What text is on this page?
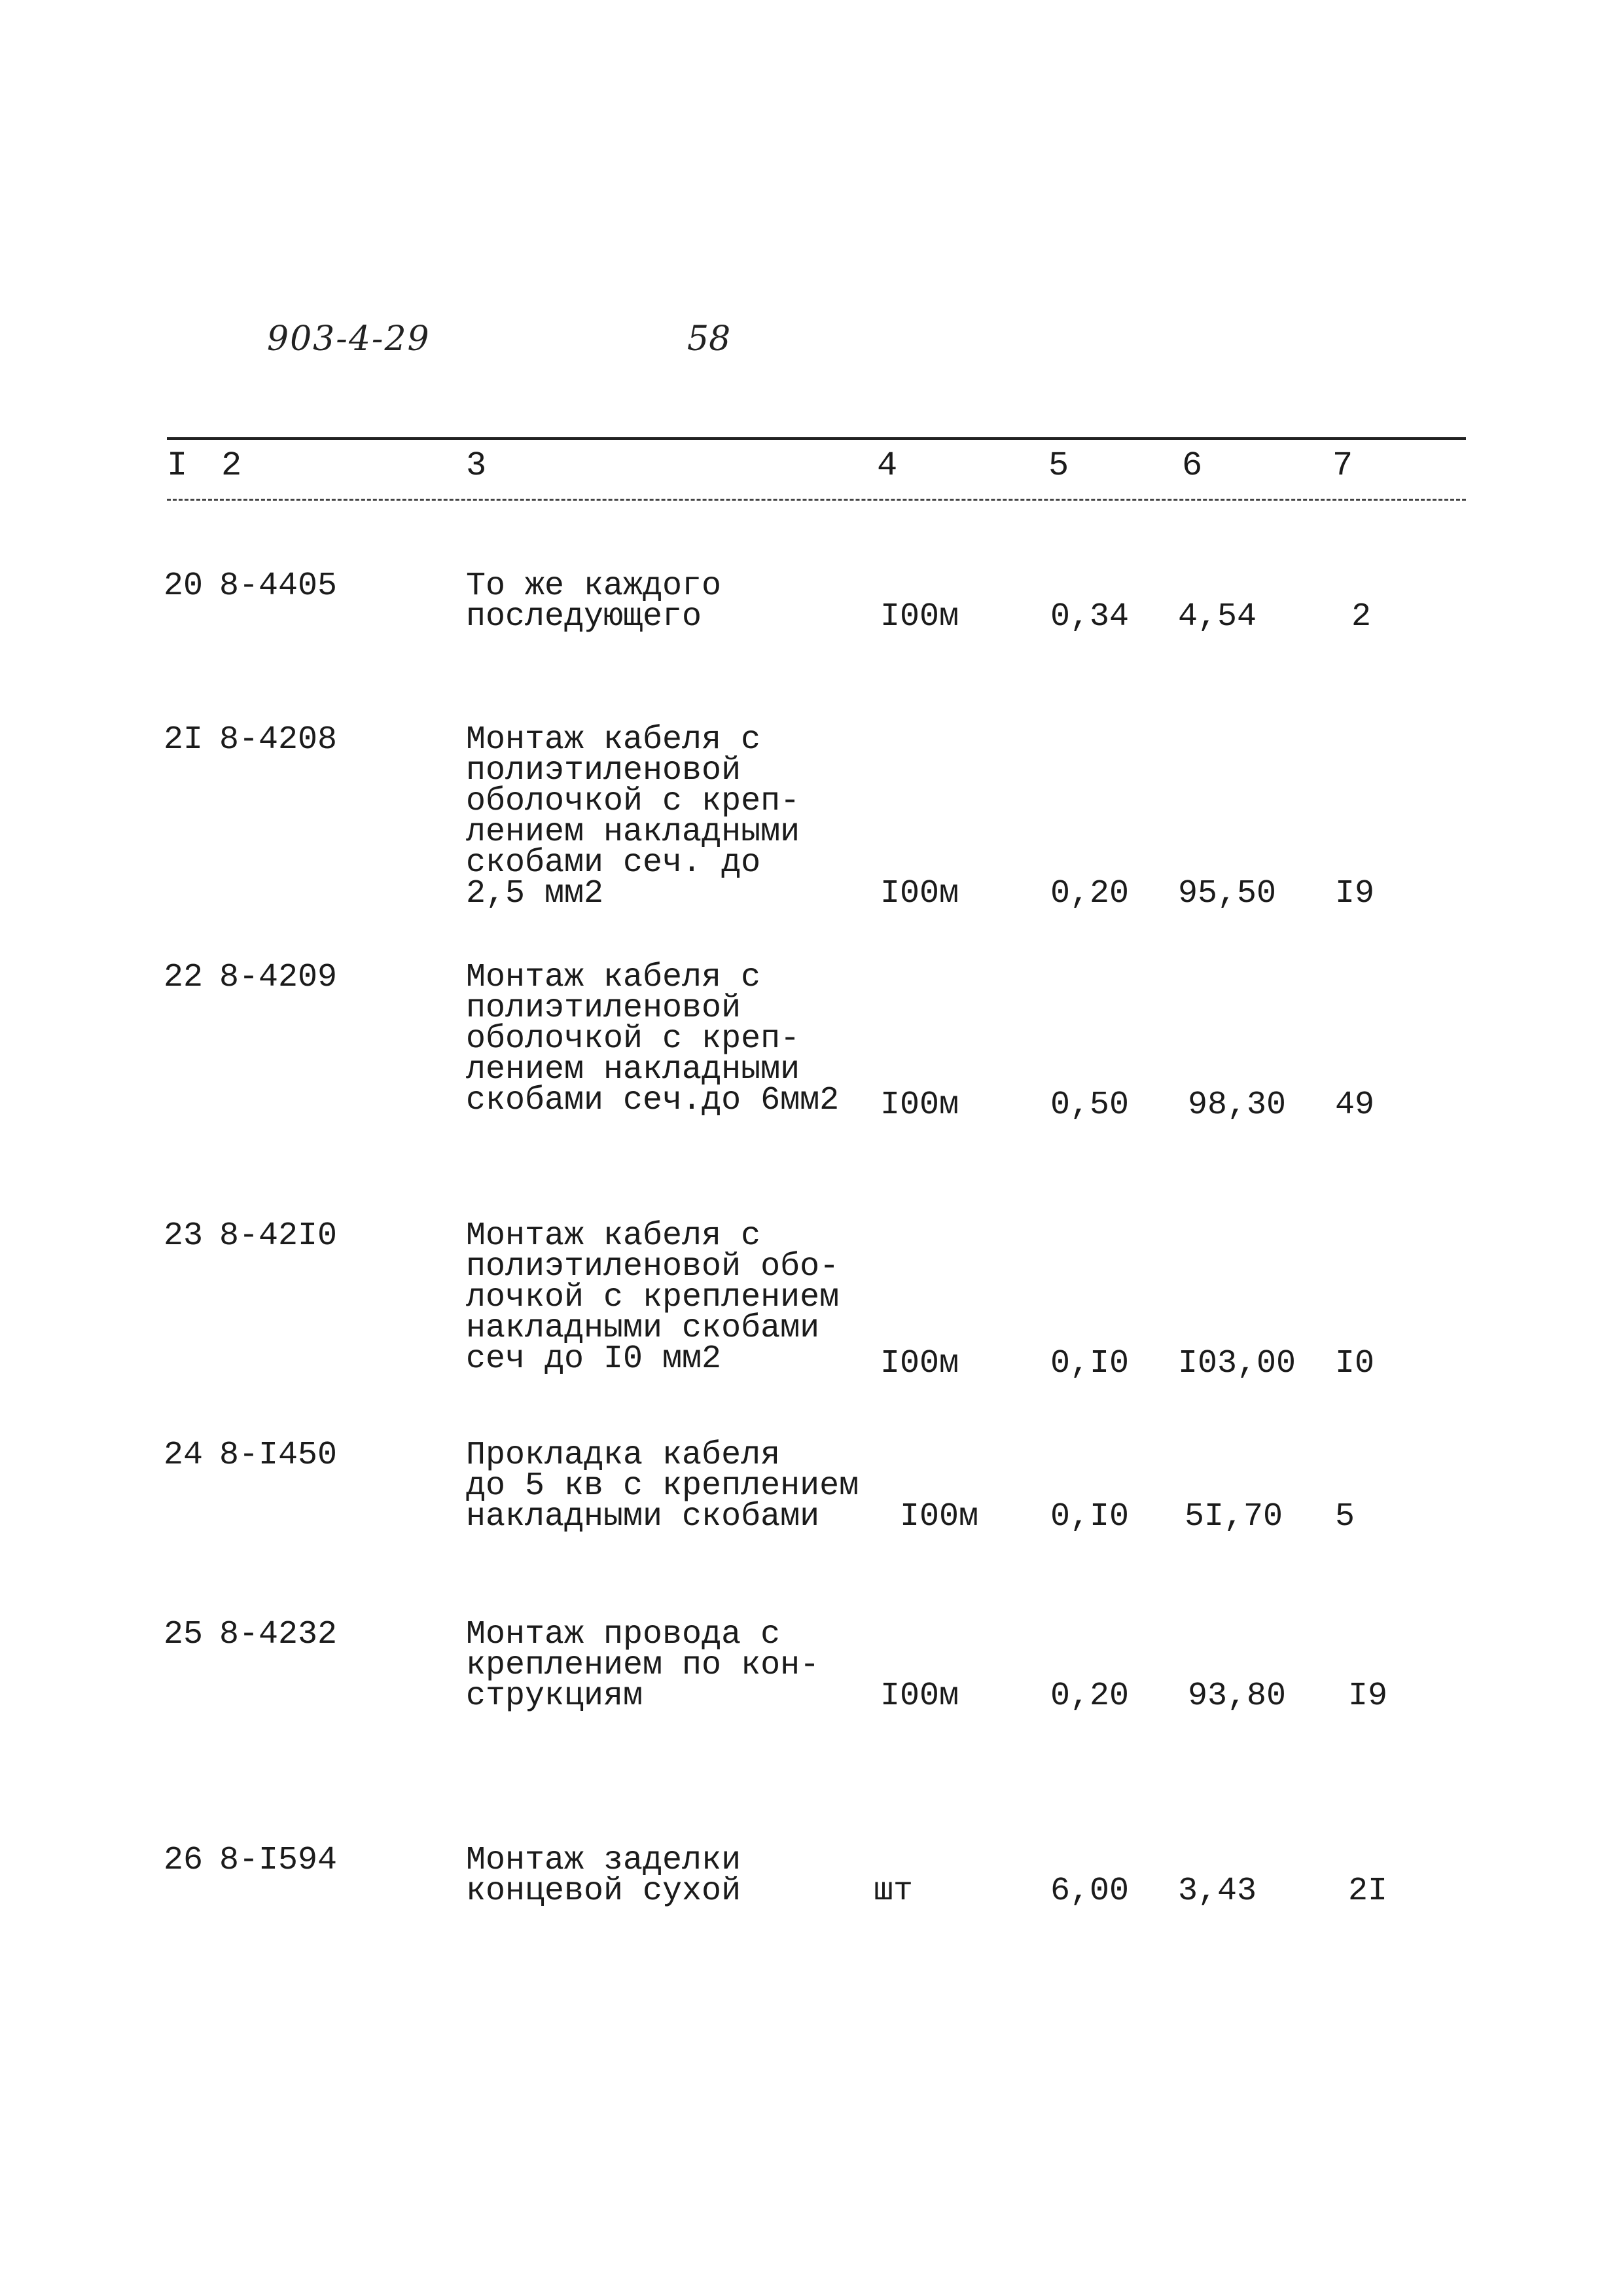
903-4-29	58
I 2	3	4	5	6	7
20 8-4405	То же каждого
последующего	I00м	0,34 4,54	2
2I 8-4208	Монтаж кабеля с
полиэтиленовой
оболочкой с креп-
лением накладными
скобами сеч. до
2,5 мм2	I00м	0,20 95,50 I9
22 8-4209	Монтаж кабеля с
полиэтиленовой
оболочкой с креп-
лением накладными
скобами сеч.до 6мм2 I00м	0,50 98,30 49
23 8-42I0	Монтаж кабеля с
полиэтиленовой обо-
лочкой с креплением
накладными скобами
сеч до I0 мм2	I00м	0,I0 I03,00 I0
24 8-I450	Прокладка кабеля
до 5 кв с креплением
накладными скобами	I00м 0,I0 5I,70 5
25 8-4232	Монтаж провода с
креплением по кон-
струкциям	I00м	0,20 93,80 I9
26 8-I594	Монтаж заделки
концевой сухой	шт	6,00 3,43	2I
